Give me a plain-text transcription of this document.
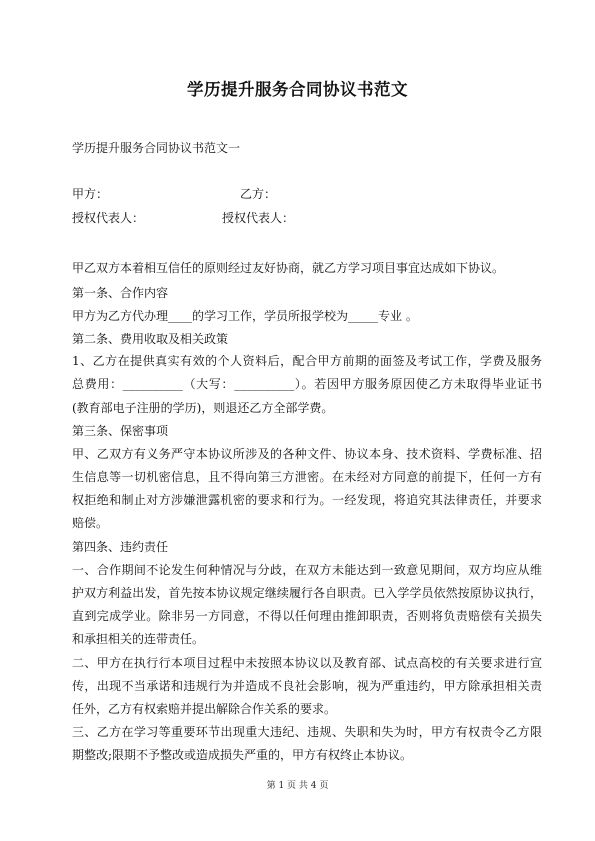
学历提升服务合同协议书范文
学历提升服务合同协议书范文一
甲方：	乙方：
授权代表人：	授权代表人：
甲乙双方本着相互信任的原则经过友好协商，就乙方学习项目事宜达成如下协议。
第一条、合作内容
甲方为乙方代办理____的学习工作，学员所报学校为_____专业 。
第二条、费用收取及相关政策
1、乙方在提供真实有效的个人资料后，配合甲方前期的面签及考试工作，学费及服务
总费用：__________（大写：__________）。若因甲方服务原因使乙方未取得毕业证书
(教育部电子注册的学历)，则退还乙方全部学费。
第三条、保密事项
甲、乙双方有义务严守本协议所涉及的各种文件、协议本身、技术资料、学费标准、招
生信息等一切机密信息，且不得向第三方泄密。在未经对方同意的前提下，任何一方有
权拒绝和制止对方涉嫌泄露机密的要求和行为。一经发现，将追究其法律责任，并要求
赔偿。
第四条、违约责任
一、合作期间不论发生何种情况与分歧，在双方未能达到一致意见期间，双方均应从维
护双方利益出发，首先按本协议规定继续履行各自职责。已入学学员依然按原协议执行，
直到完成学业。除非另一方同意，不得以任何理由推卸职责，否则将负责赔偿有关损失
和承担相关的连带责任。
二、甲方在执行行本项目过程中未按照本协议以及教育部、试点高校的有关要求进行宣
传，出现不当承诺和违规行为并造成不良社会影响，视为严重违约，甲方除承担相关责
任外，乙方有权索赔并提出解除合作关系的要求。
三、乙方在学习等重要环节出现重大违纪、违规、失职和失为时，甲方有权责令乙方限
期整改;限期不予整改或造成损失严重的，甲方有权终止本协议。
第 1 页 共 4 页
